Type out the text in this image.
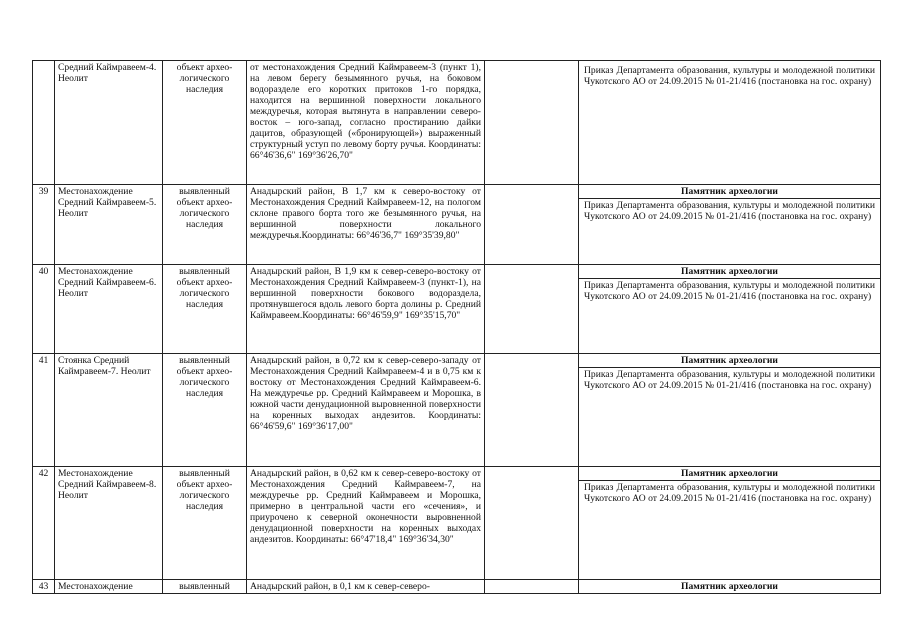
	Средний Каймравеем-4. Неолит	объект архео-логического наследия	от местонахождения Средний Каймравеем-3 (пункт 1), на левом берегу безымянного ручья, на боковом водоразделе его коротких притоков 1-го порядка, находится на вершинной поверхности локального междуречья, которая вытянута в направлении северо-восток – юго-запад, согласно простиранию дайки дацитов, образующей («бронирующей») выраженный структурный уступ по левому борту ручья. Координаты: 66°46'36,6" 169°36'26,70"		Приказ Департамента образования, культуры и молодежной политики Чукотского АО от 24.09.2015 № 01-21/416 (постановка на гос. охрану)

39	Местонахождение Средний Каймравеем-5. Неолит	выявленный объект архео-логического наследия	Анадырский район, В 1,7 км к северо-востоку от Местонахождения Средний Каймравеем-12, на пологом склоне правого борта того же безымянного ручья, на вершинной поверхности локального междуречья.Координаты: 66°46'36,7" 169°35'39,80"		Памятник археологии
Приказ Департамента образования, культуры и молодежной политики Чукотского АО от 24.09.2015 № 01-21/416 (постановка на гос. охрану)

40	Местонахождение Средний Каймравеем-6. Неолит	выявленный объект архео-логического наследия	Анадырский район, В 1,9 км к север-северо-востоку от Местонахождения Средний Каймравеем-3 (пункт-1), на вершинной поверхности бокового водораздела, протянувшегося вдоль левого борта долины р. Средний Каймравеем.Координаты: 66°46'59,9" 169°35'15,70"		Памятник археологии
Приказ Департамента образования, культуры и молодежной политики Чукотского АО от 24.09.2015 № 01-21/416 (постановка на гос. охрану)

41	Стоянка Средний Каймравеем-7. Неолит	выявленный объект архео-логического наследия	Анадырский район, в 0,72 км к север-северо-западу от Местонахождения Средний Каймравеем-4 и в 0,75 км к востоку от Местонахождения Средний Каймравеем-6. На междуречье рр. Средний Каймравеем и Морошка, в южной части денудационной выровненной поверхности на коренных выходах андезитов. Координаты: 66°46'59,6" 169°36'17,00"		Памятник археологии
Приказ Департамента образования, культуры и молодежной политики Чукотского АО от 24.09.2015 № 01-21/416 (постановка на гос. охрану)

42	Местонахождение Средний Каймравеем-8. Неолит	выявленный объект архео-логического наследия	Анадырский район, в 0,62 км к север-северо-востоку от Местонахождения Средний Каймравеем-7, на междуречье рр. Средний Каймравеем и Морошка, примерно в центральной части его «сечения», и приурочено к северной оконечности выровненной денудационной поверхности на коренных выходах андезитов. Координаты: 66°47'18,4" 169°36'34,30"		Памятник археологии
Приказ Департамента образования, культуры и молодежной политики Чукотского АО от 24.09.2015 № 01-21/416 (постановка на гос. охрану)

43	Местонахождение	выявленный	Анадырский район, в 0,1 км к север-северо-		Памятник археологии
